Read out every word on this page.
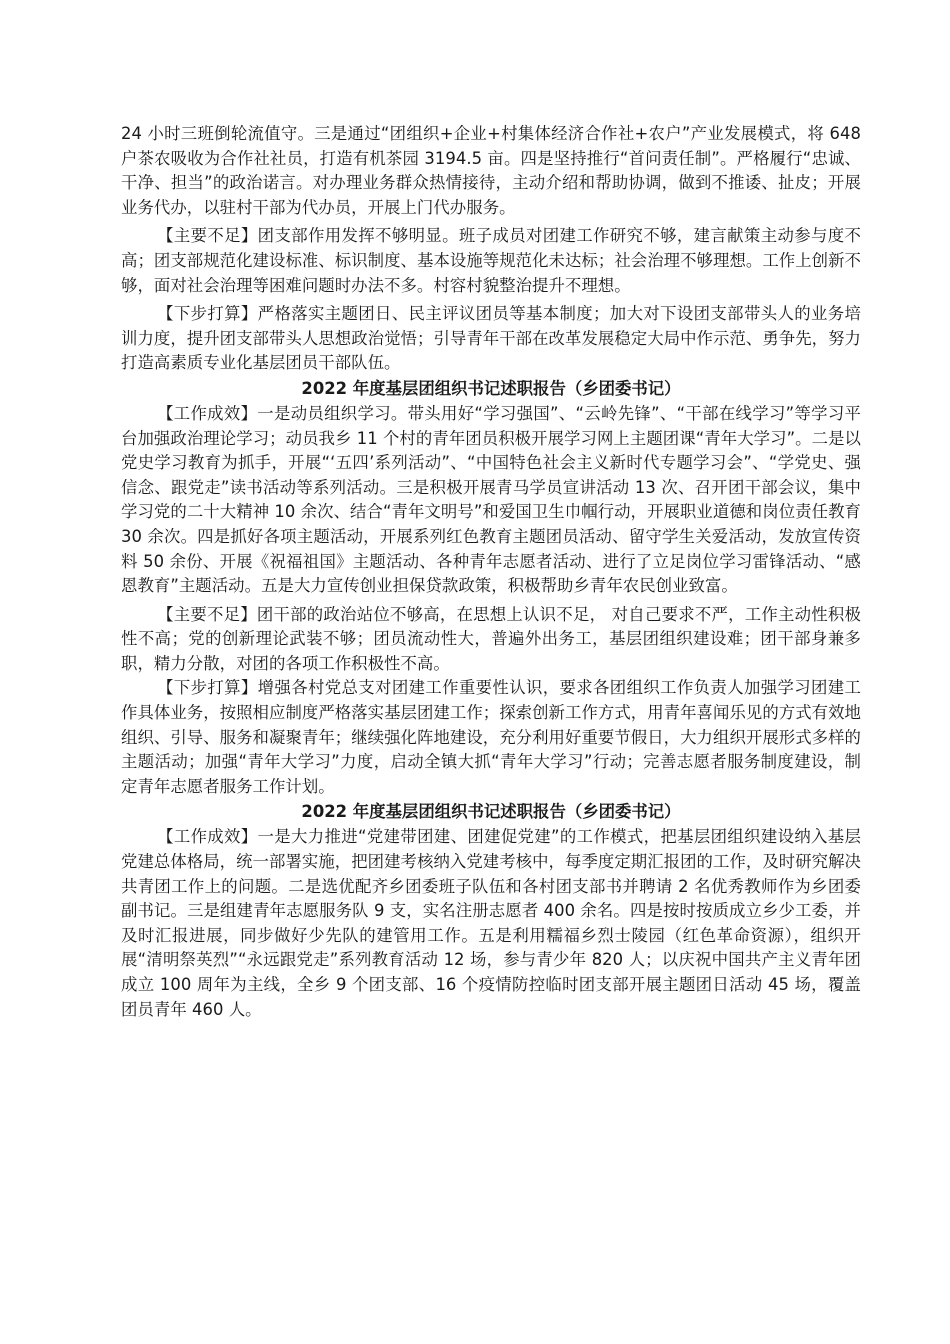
24 小时三班倒轮流值守。三是通过“团组织+企业+村集体经济合作社+农户”产业发展模式，将 648 户茶农吸收为合作社社员，打造有机茶园 3194.5 亩。四是坚持推行“首问责任制”。严格履行“忠诚、干净、担当”的政治诺言。对办理业务群众热情接待，主动介绍和帮助协调，做到不推诿、扯皮；开展业务代办，以驻村干部为代办员，开展上门代办服务。

【主要不足】团支部作用发挥不够明显。班子成员对团建工作研究不够，建言献策主动参与度不高；团支部规范化建设标准、标识制度、基本设施等规范化未达标；社会治理不够理想。工作上创新不够，面对社会治理等困难问题时办法不多。村容村貌整治提升不理想。

【下步打算】严格落实主题团日、民主评议团员等基本制度；加大对下设团支部带头人的业务培训力度，提升团支部带头人思想政治觉悟；引导青年干部在改革发展稳定大局中作示范、勇争先，努力打造高素质专业化基层团员干部队伍。

2022 年度基层团组织书记述职报告（乡团委书记）

【工作成效】一是动员组织学习。带头用好“学习强国”、“云岭先锋”、“干部在线学习”等学习平台加强政治理论学习；动员我乡 11 个村的青年团员积极开展学习网上主题团课“青年大学习”。二是以党史学习教育为抓手，开展“‘五四’系列活动”、“中国特色社会主义新时代专题学习会”、“学党史、强信念、跟党走”读书活动等系列活动。三是积极开展青马学员宣讲活动 13 次、召开团干部会议，集中学习党的二十大精神 10 余次、结合“青年文明号”和爱国卫生巾帼行动，开展职业道德和岗位责任教育 30 余次。四是抓好各项主题活动，开展系列红色教育主题团员活动、留守学生关爱活动，发放宣传资料 50 余份、开展《祝福祖国》主题活动、各种青年志愿者活动、进行了立足岗位学习雷锋活动、“感恩教育”主题活动。五是大力宣传创业担保贷款政策，积极帮助乡青年农民创业致富。

【主要不足】团干部的政治站位不够高，在思想上认识不足， 对自己要求不严，工作主动性积极性不高；党的创新理论武装不够；团员流动性大，普遍外出务工，基层团组织建设难；团干部身兼多职，精力分散，对团的各项工作积极性不高。

【下步打算】增强各村党总支对团建工作重要性认识，要求各团组织工作负责人加强学习团建工作具体业务，按照相应制度严格落实基层团建工作；探索创新工作方式，用青年喜闻乐见的方式有效地组织、引导、服务和凝聚青年；继续强化阵地建设，充分利用好重要节假日，大力组织开展形式多样的主题活动；加强“青年大学习”力度，启动全镇大抓“青年大学习”行动；完善志愿者服务制度建设，制定青年志愿者服务工作计划。

2022 年度基层团组织书记述职报告（乡团委书记）

【工作成效】一是大力推进“党建带团建、团建促党建”的工作模式，把基层团组织建设纳入基层党建总体格局，统一部署实施，把团建考核纳入党建考核中，每季度定期汇报团的工作，及时研究解决共青团工作上的问题。二是选优配齐乡团委班子队伍和各村团支部书并聘请 2 名优秀教师作为乡团委副书记。三是组建青年志愿服务队 9 支，实名注册志愿者 400 余名。四是按时按质成立乡少工委，并及时汇报进展，同步做好少先队的建管用工作。五是利用糯福乡烈士陵园（红色革命资源），组织开展“清明祭英烈”“永远跟党走”系列教育活动 12 场，参与青少年 820 人；以庆祝中国共产主义青年团成立 100 周年为主线，全乡 9 个团支部、16 个疫情防控临时团支部开展主题团日活动 45 场，覆盖团员青年 460 人。
